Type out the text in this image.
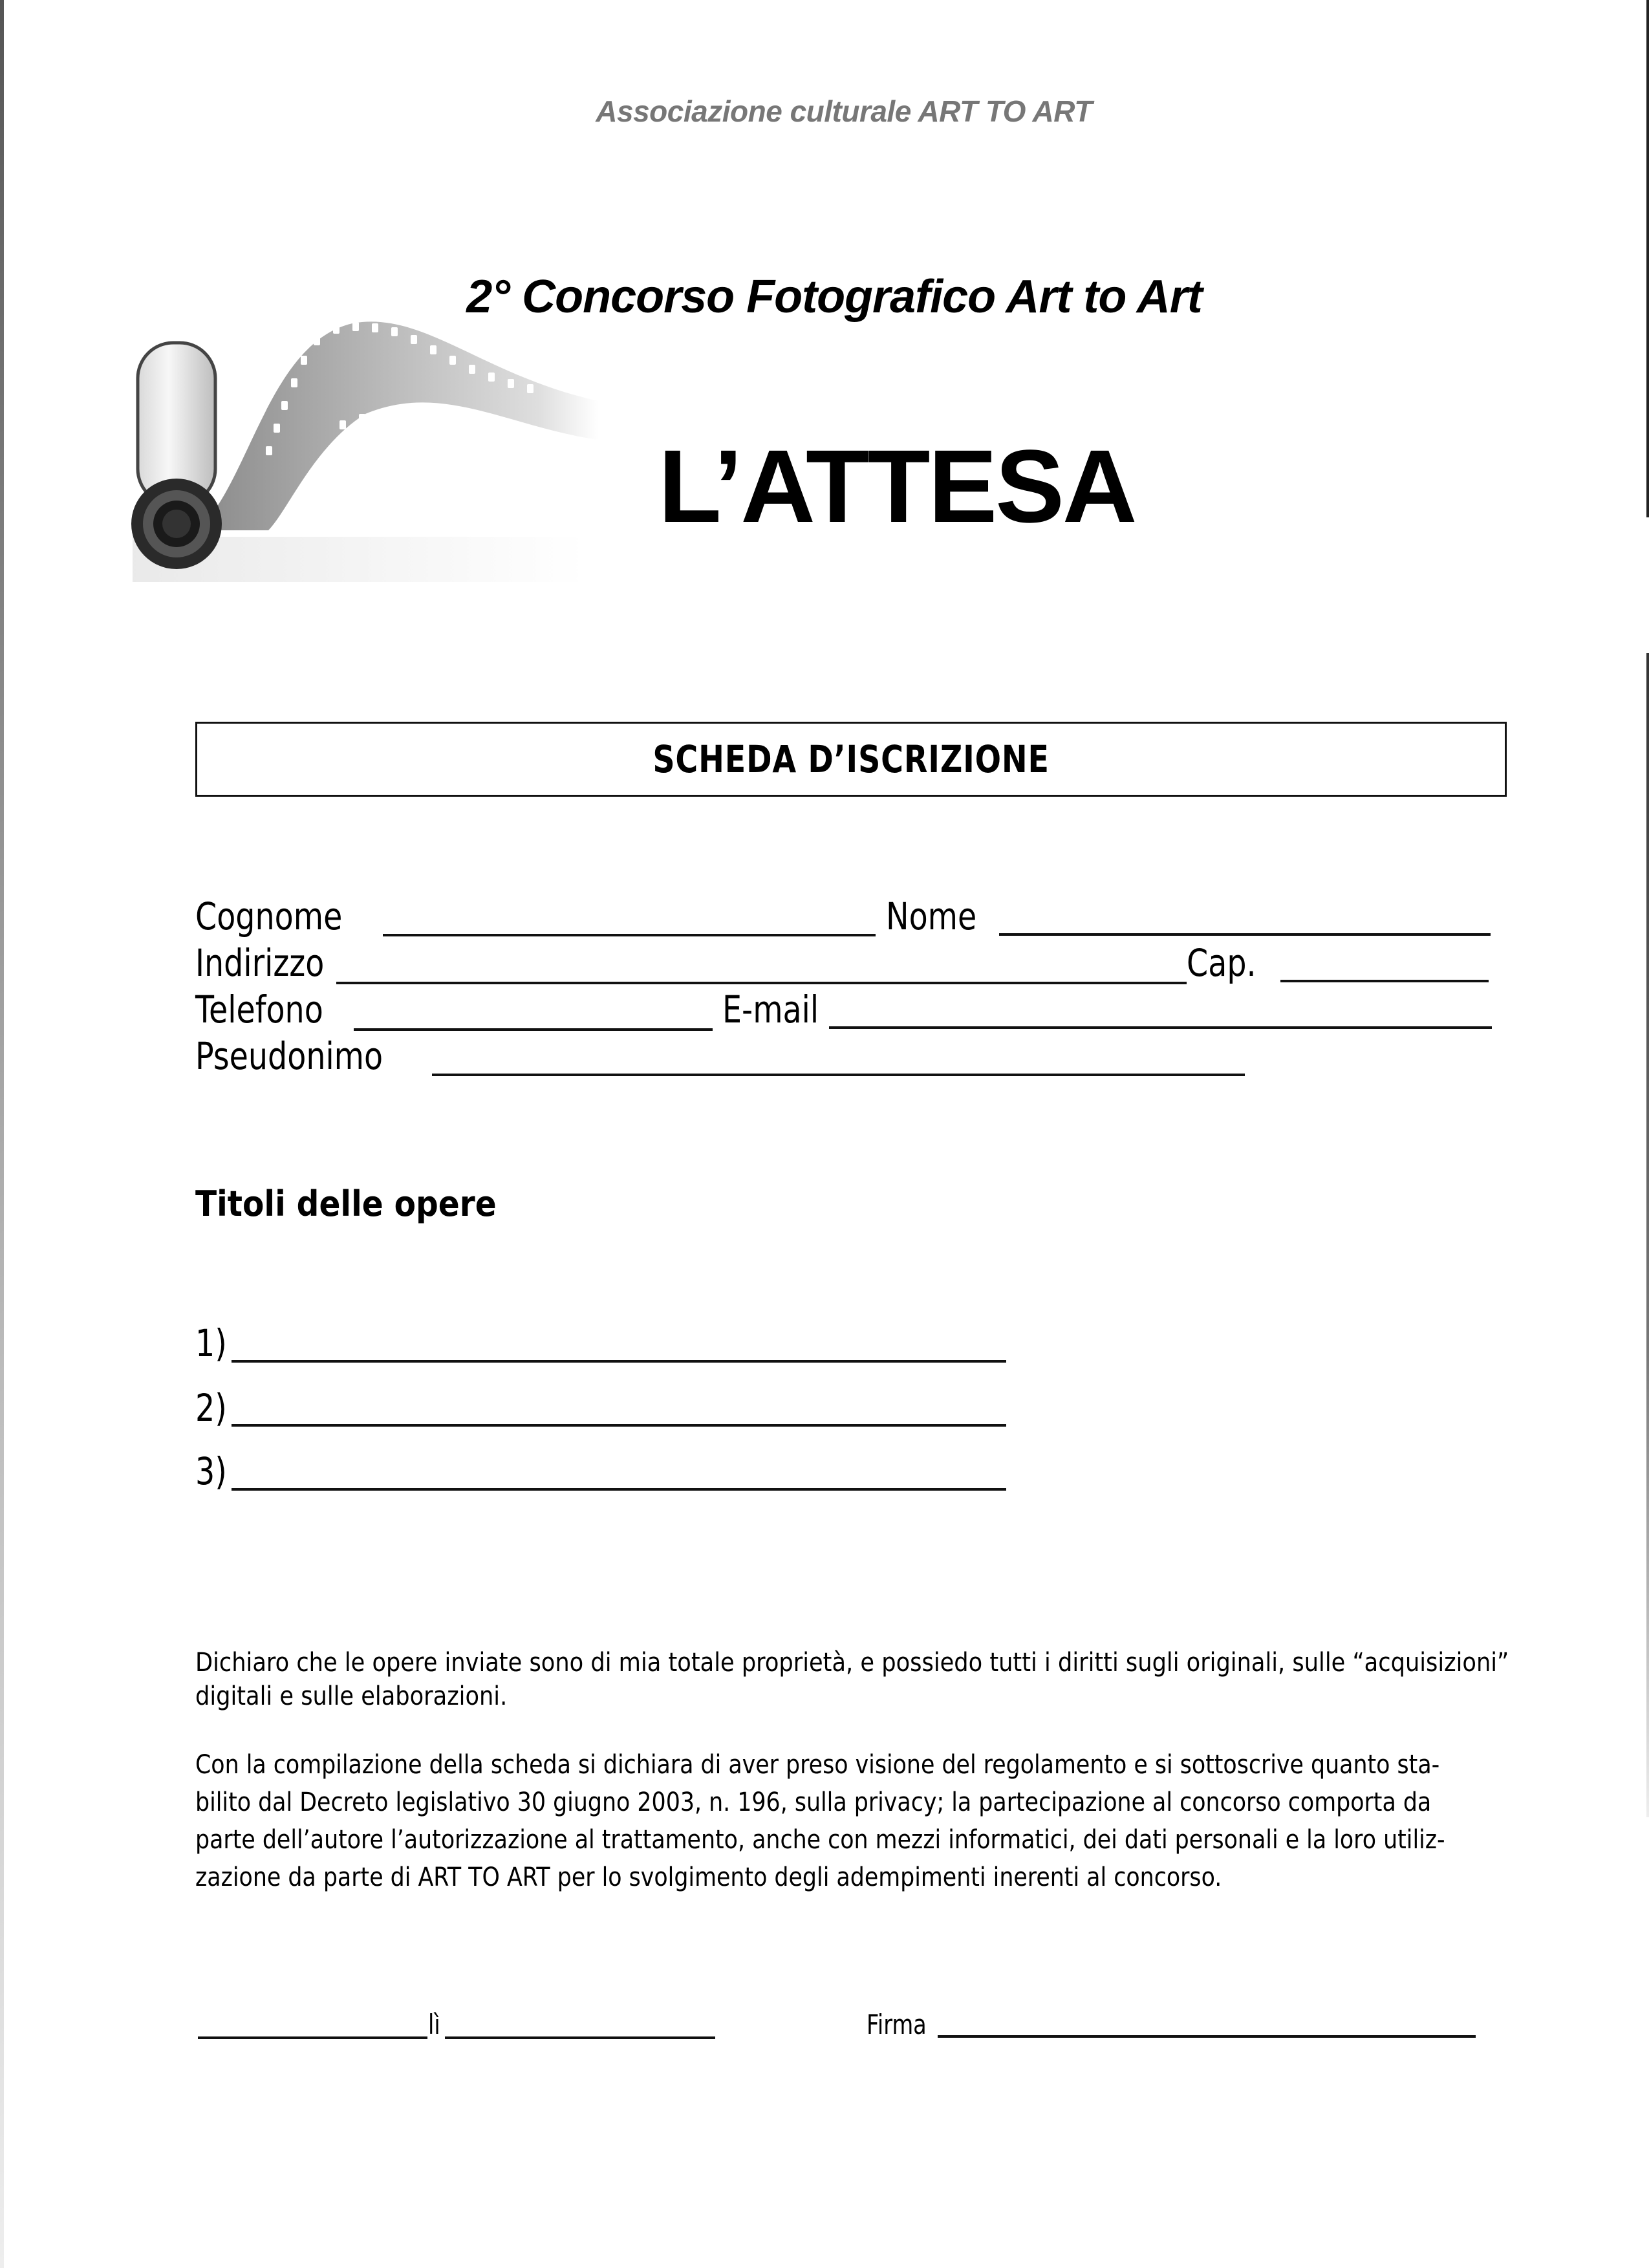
Associazione culturale ART TO ART
2° Concorso Fotografico Art to Art
L’ATTESA
SCHEDA D’ISCRIZIONE
Cognome	Nome
Indirizzo	Cap.
Telefono	E-mail
Pseudonimo
Titoli delle opere
1)
2)
3)

Dichiaro che le opere inviate sono di mia totale proprietà, e possiedo tutti i diritti sugli originali, sulle “acquisizioni” digitali e sulle elaborazioni.

Con la compilazione della scheda si dichiara di aver preso visione del regolamento e si sottoscrive quanto sta-

bilito dal Decreto legislativo 30 giugno 2003, n. 196, sulla privacy; la partecipazione al concorso comporta da

parte dell’autore l’autorizzazione al trattamento, anche con mezzi informatici, dei dati personali e la loro utiliz-

zazione da parte di ART TO ART per lo svolgimento degli adempimenti inerenti al concorso.

lì	Firma
